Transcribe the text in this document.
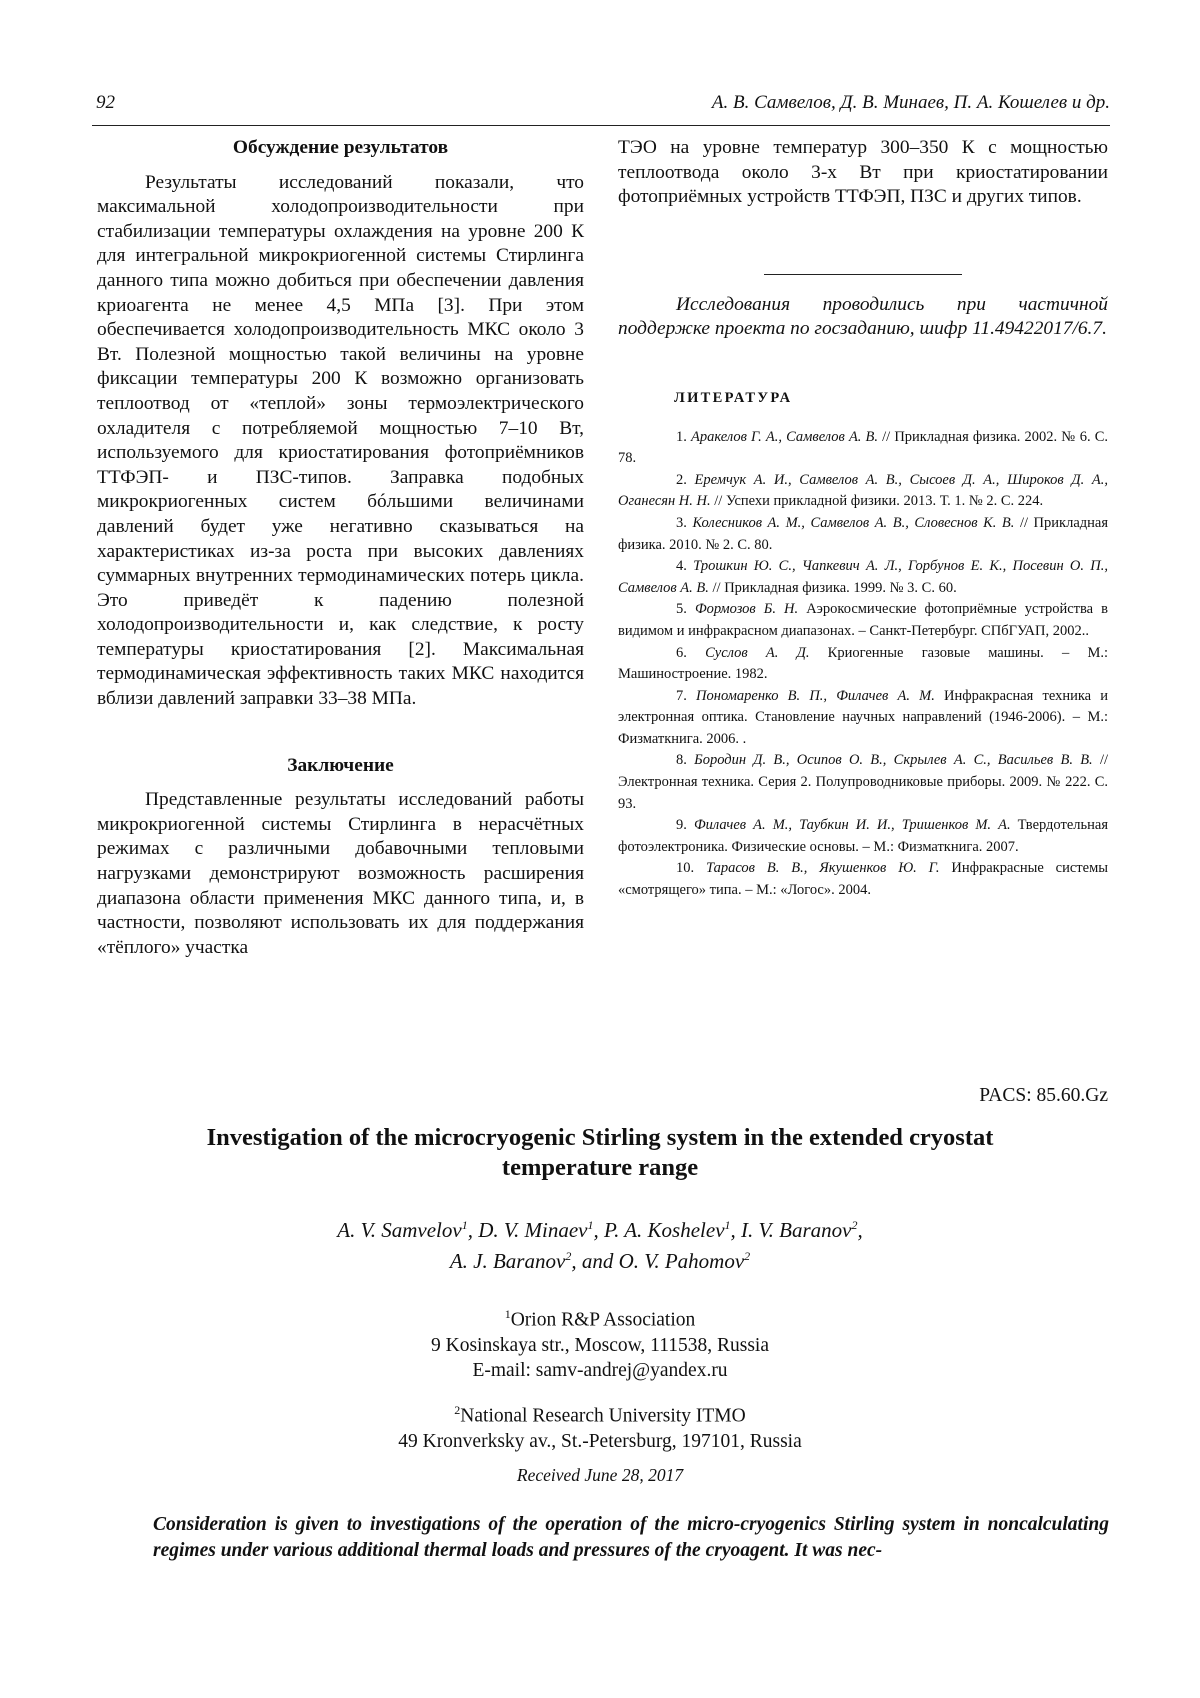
92	А. В. Самвелов, Д. В. Минаев, П. А. Кошелев и др.

Обсуждение результатов

Результаты исследований показали, что максимальной холодопроизводительности при стабилизации температуры охлаждения на уровне 200 К для интегральной микрокриогенной системы Стирлинга данного типа можно добиться при обеспечении давления криоагента не менее 4,5 МПа [3]. При этом обеспечивается холодопроизводительность МКС около 3 Вт. Полезной мощностью такой величины на уровне фиксации температуры 200 К возможно организовать теплоотвод от «теплой» зоны термоэлектрического охладителя с потребляемой мощностью 7–10 Вт, используемого для криостатирования фотоприёмников ТТФЭП- и ПЗС-типов. Заправка подобных микрокриогенных систем бóльшими величинами давлений будет уже негативно сказываться на характеристиках из-за роста при высоких давлениях суммарных внутренних термодинамических потерь цикла. Это приведёт к падению полезной холодопроизводительности и, как следствие, к росту температуры криостатирования [2]. Максимальная термодинамическая эффективность таких МКС находится вблизи давлений заправки 33–38 МПа.

Заключение

Представленные результаты исследований работы микрокриогенной системы Стирлинга в нерасчётных режимах с различными добавочными тепловыми нагрузками демонстрируют возможность расширения диапазона области применения МКС данного типа, и, в частности, позволяют использовать их для поддержания «тёплого» участка

ТЭО на уровне температур 300–350 К с мощностью теплоотвода около 3-х Вт при криостатировании фотоприёмных устройств ТТФЭП, ПЗС и других типов.

Исследования проводились при частичной поддержке проекта по госзаданию, шифр 11.49422017/6.7.

ЛИТЕРАТУРА

1. Аракелов Г. А., Самвелов А. В. // Прикладная физика. 2002. № 6. С. 78.

2. Еремчук А. И., Самвелов А. В., Сысоев Д. А., Широков Д. А., Оганесян Н. Н. // Успехи прикладной физики. 2013. Т. 1. № 2. С. 224.

3. Колесников А. М., Самвелов А. В., Словеснов К. В. // Прикладная физика. 2010. № 2. С. 80.

4. Трошкин Ю. С., Чапкевич А. Л., Горбунов Е. К., Посевин О. П., Самвелов А. В. // Прикладная физика. 1999. № 3. С. 60.

5. Формозов Б. Н. Аэрокосмические фотоприёмные устройства в видимом и инфракрасном диапазонах. – Санкт-Петербург. СПбГУАП, 2002..

6. Суслов А. Д. Криогенные газовые машины. – М.: Машиностроение. 1982.

7. Пономаренко В. П., Филачев А. М. Инфракрасная техника и электронная оптика. Становление научных направлений (1946-2006). – М.: Физматкнига. 2006. .

8. Бородин Д. В., Осипов О. В., Скрылев А. С., Васильев В. В. // Электронная техника. Серия 2. Полупроводниковые приборы. 2009. № 222. С. 93.

9. Филачев А. М., Таубкин И. И., Тришенков М. А. Твердотельная фотоэлектроника. Физические основы. – М.: Физматкнига. 2007.

10. Тарасов В. В., Якушенков Ю. Г. Инфракрасные системы «смотрящего» типа. – М.: «Логос». 2004.

PACS: 85.60.Gz
Investigation of the microcryogenic Stirling system in the extended cryostat temperature range
A. V. Samvelov$^1$, D. V. Minaev$^1$, P. A. Koshelev$^1$, I. V. Baranov$^2$,
A. J. Baranov$^2$, and O. V. Pahomov$^2$
$^1$Orion R&P Association
9 Kosinskaya str., Moscow, 111538, Russia
E-mail: samv-andrej@yandex.ru
$^2$National Research University ITMO
49 Kronverksky av., St.-Petersburg, 197101, Russia
Received June 28, 2017
Consideration is given to investigations of the operation of the micro-cryogenics Stirling system in noncalculating regimes under various additional thermal loads and pressures of the cryoagent. It was nec-
